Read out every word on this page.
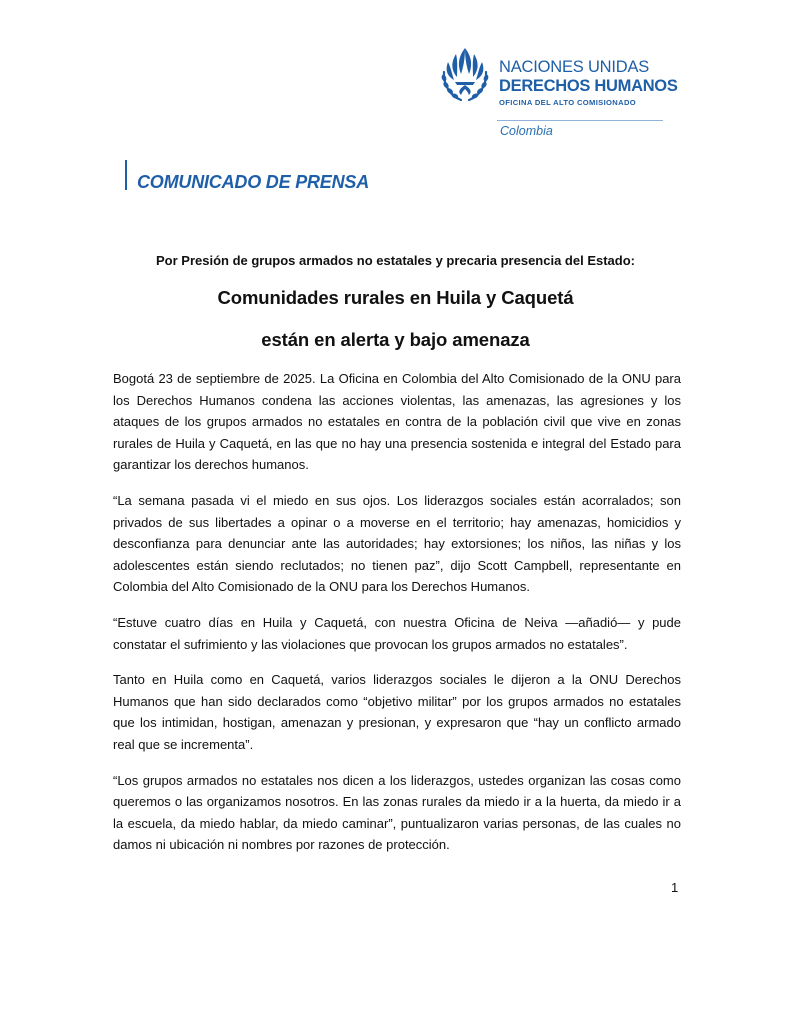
NACIONES UNIDAS
DERECHOS HUMANOS
OFICINA DEL ALTO COMISIONADO
Colombia
COMUNICADO DE PRENSA
Por Presión de grupos armados no estatales y precaria presencia del Estado:
Comunidades rurales en Huila y Caquetá
están en alerta y bajo amenaza

Bogotá 23 de septiembre de 2025. La Oficina en Colombia del Alto Comisionado de la ONU para los Derechos Humanos condena las acciones violentas, las amenazas, las agresiones y los ataques de los grupos armados no estatales en contra de la población civil que vive en zonas rurales de Huila y Caquetá, en las que no hay una presencia sostenida e integral del Estado para garantizar los derechos humanos.

“La semana pasada vi el miedo en sus ojos. Los liderazgos sociales están acorralados; son privados de sus libertades a opinar o a moverse en el territorio; hay amenazas, homicidios y desconfianza para denunciar ante las autoridades; hay extorsiones; los niños, las niñas y los adolescentes están siendo reclutados; no tienen paz”, dijo Scott Campbell, representante en Colombia del Alto Comisionado de la ONU para los Derechos Humanos.

“Estuve cuatro días en Huila y Caquetá, con nuestra Oficina de Neiva —añadió— y pude constatar el sufrimiento y las violaciones que provocan los grupos armados no estatales”.

Tanto en Huila como en Caquetá, varios liderazgos sociales le dijeron a la ONU Derechos Humanos que han sido declarados como “objetivo militar” por los grupos armados no estatales que los intimidan, hostigan, amenazan y presionan, y expresaron que “hay un conflicto armado real que se incrementa”.

“Los grupos armados no estatales nos dicen a los liderazgos, ustedes organizan las cosas como queremos o las organizamos nosotros. En las zonas rurales da miedo ir a la huerta, da miedo ir a la escuela, da miedo hablar, da miedo caminar”, puntualizaron varias personas, de las cuales no damos ni ubicación ni nombres por razones de protección.

1
